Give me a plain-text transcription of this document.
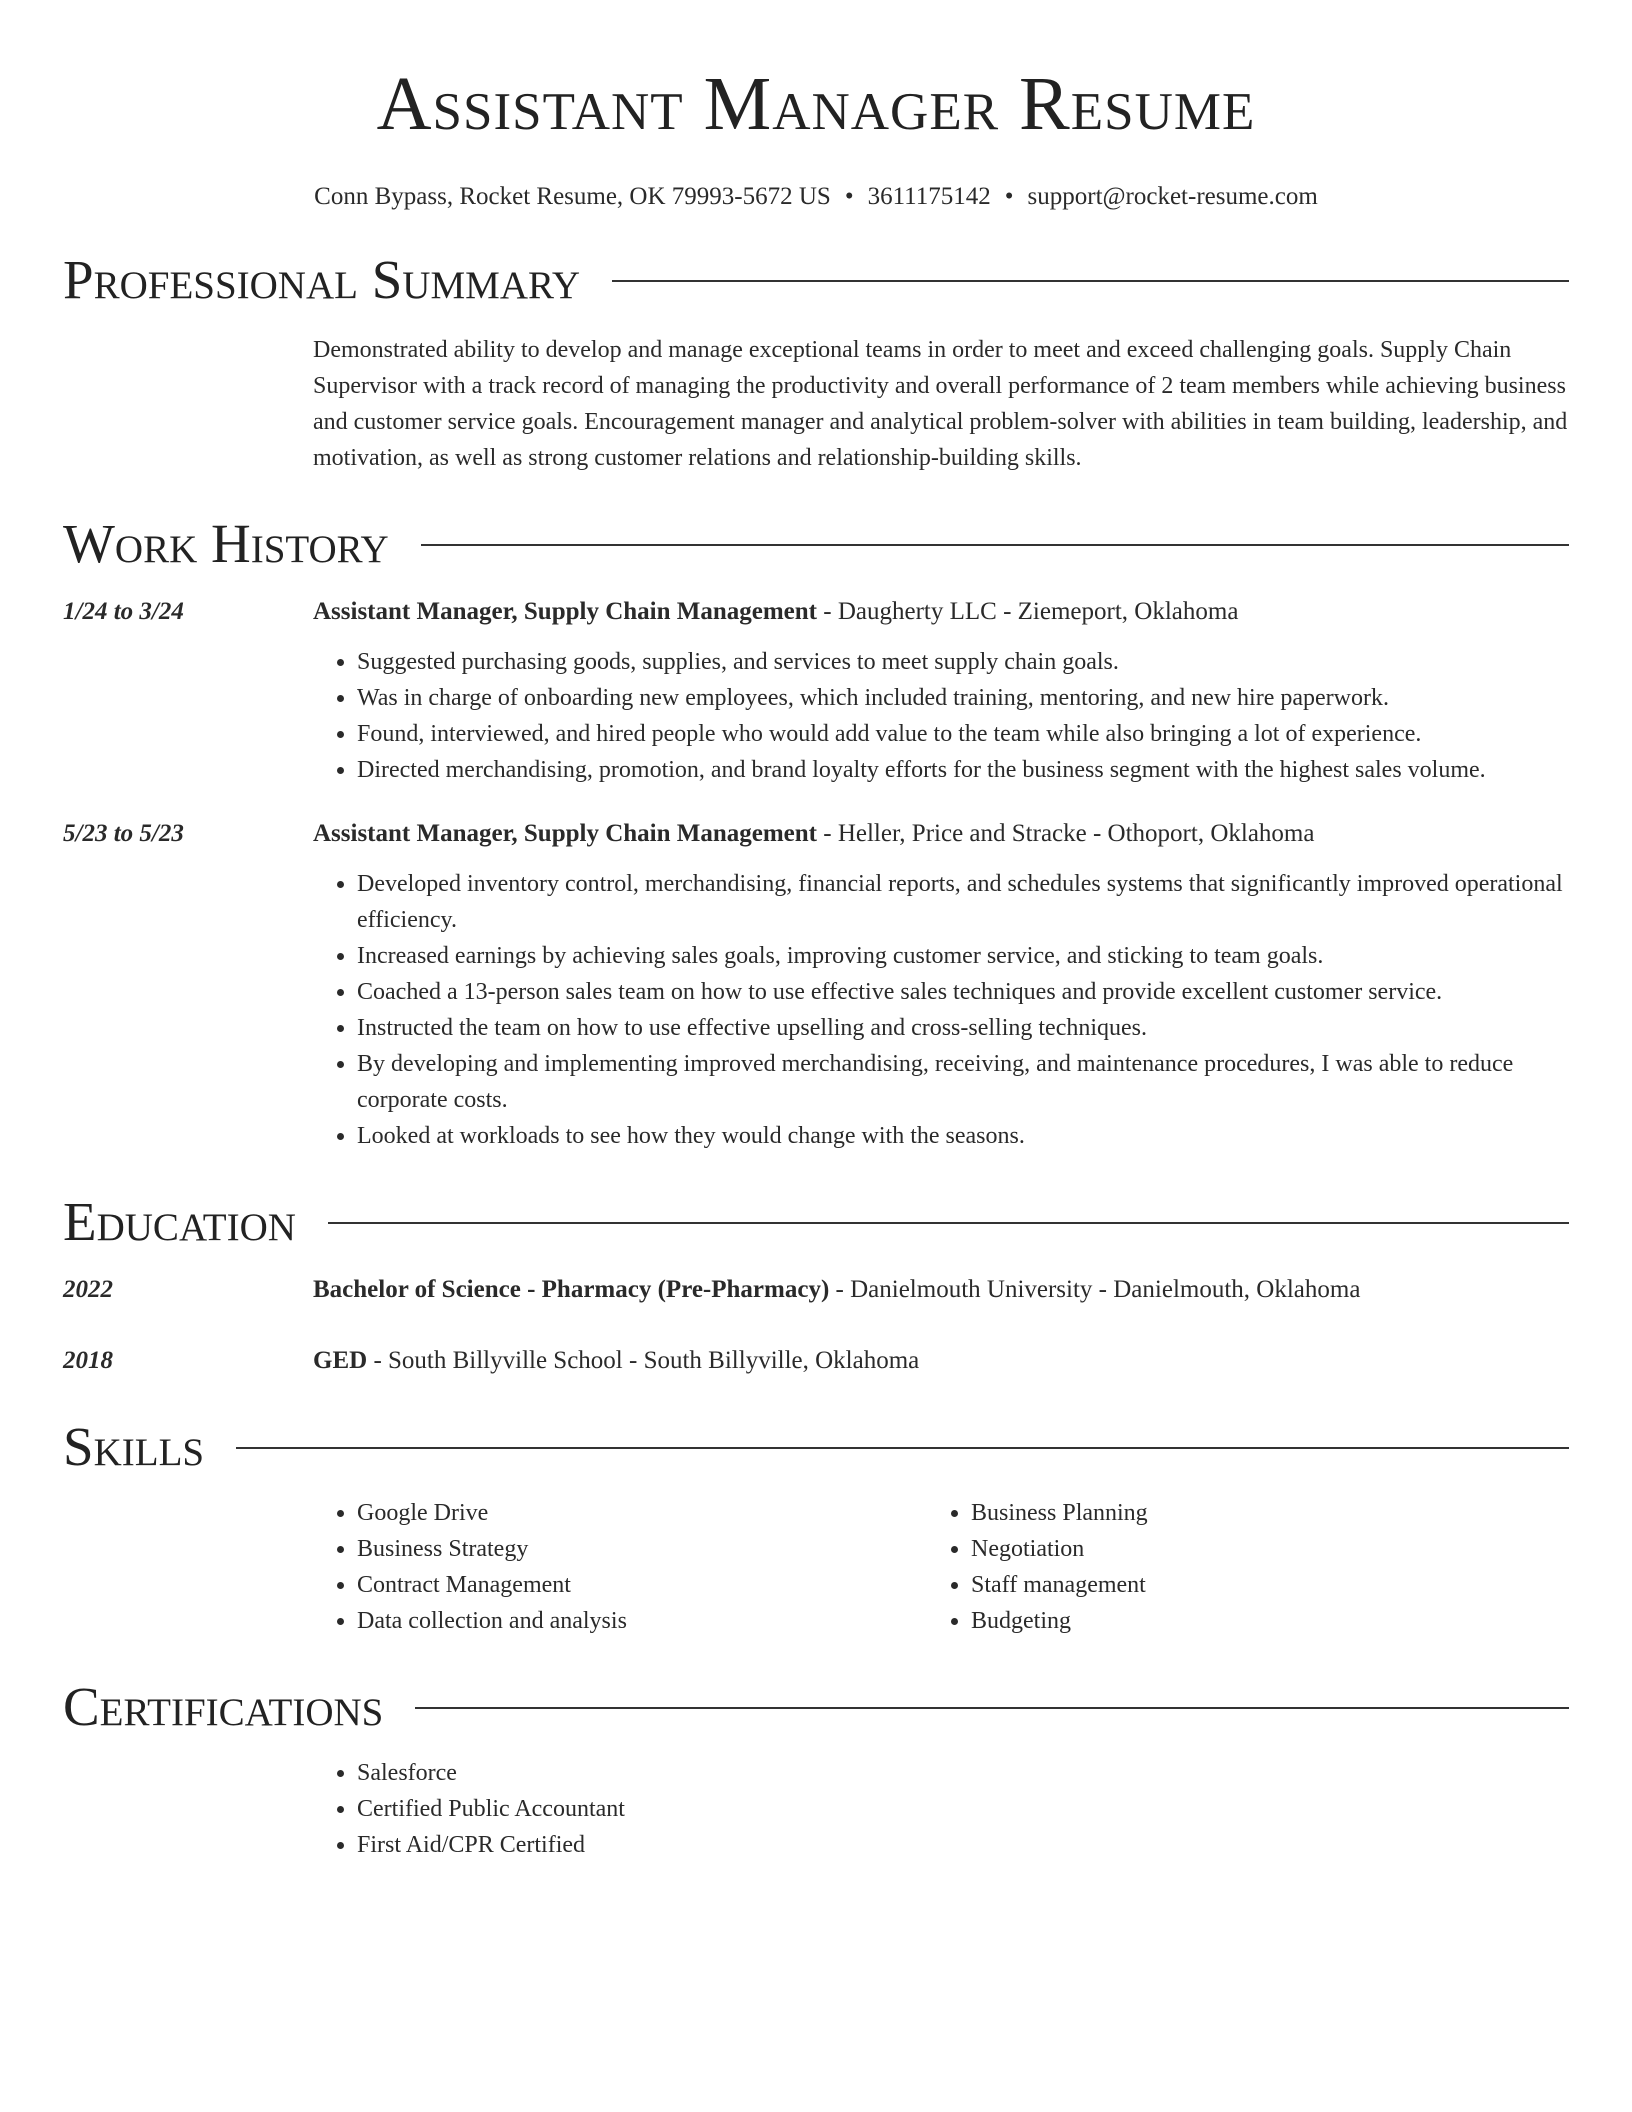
Assistant Manager Resume
Conn Bypass, Rocket Resume, OK 79993-5672 US • 3611175142 • support@rocket-resume.com
Professional Summary
Demonstrated ability to develop and manage exceptional teams in order to meet and exceed challenging goals. Supply Chain Supervisor with a track record of managing the productivity and overall performance of 2 team members while achieving business and customer service goals. Encouragement manager and analytical problem-solver with abilities in team building, leadership, and motivation, as well as strong customer relations and relationship-building skills.
Work History
1/24 to 3/24	Assistant Manager, Supply Chain Management - Daugherty LLC - Ziemeport, Oklahoma
• Suggested purchasing goods, supplies, and services to meet supply chain goals.
• Was in charge of onboarding new employees, which included training, mentoring, and new hire paperwork.
• Found, interviewed, and hired people who would add value to the team while also bringing a lot of experience.
• Directed merchandising, promotion, and brand loyalty efforts for the business segment with the highest sales volume.
5/23 to 5/23	Assistant Manager, Supply Chain Management - Heller, Price and Stracke - Othoport, Oklahoma
• Developed inventory control, merchandising, financial reports, and schedules systems that significantly improved operational efficiency.
• Increased earnings by achieving sales goals, improving customer service, and sticking to team goals.
• Coached a 13-person sales team on how to use effective sales techniques and provide excellent customer service.
• Instructed the team on how to use effective upselling and cross-selling techniques.
• By developing and implementing improved merchandising, receiving, and maintenance procedures, I was able to reduce corporate costs.
• Looked at workloads to see how they would change with the seasons.
Education
2022	Bachelor of Science - Pharmacy (Pre-Pharmacy) - Danielmouth University - Danielmouth, Oklahoma
2018	GED - South Billyville School - South Billyville, Oklahoma
Skills
• Google Drive
• Business Strategy
• Contract Management
• Data collection and analysis
• Business Planning
• Negotiation
• Staff management
• Budgeting
Certifications
• Salesforce
• Certified Public Accountant
• First Aid/CPR Certified
